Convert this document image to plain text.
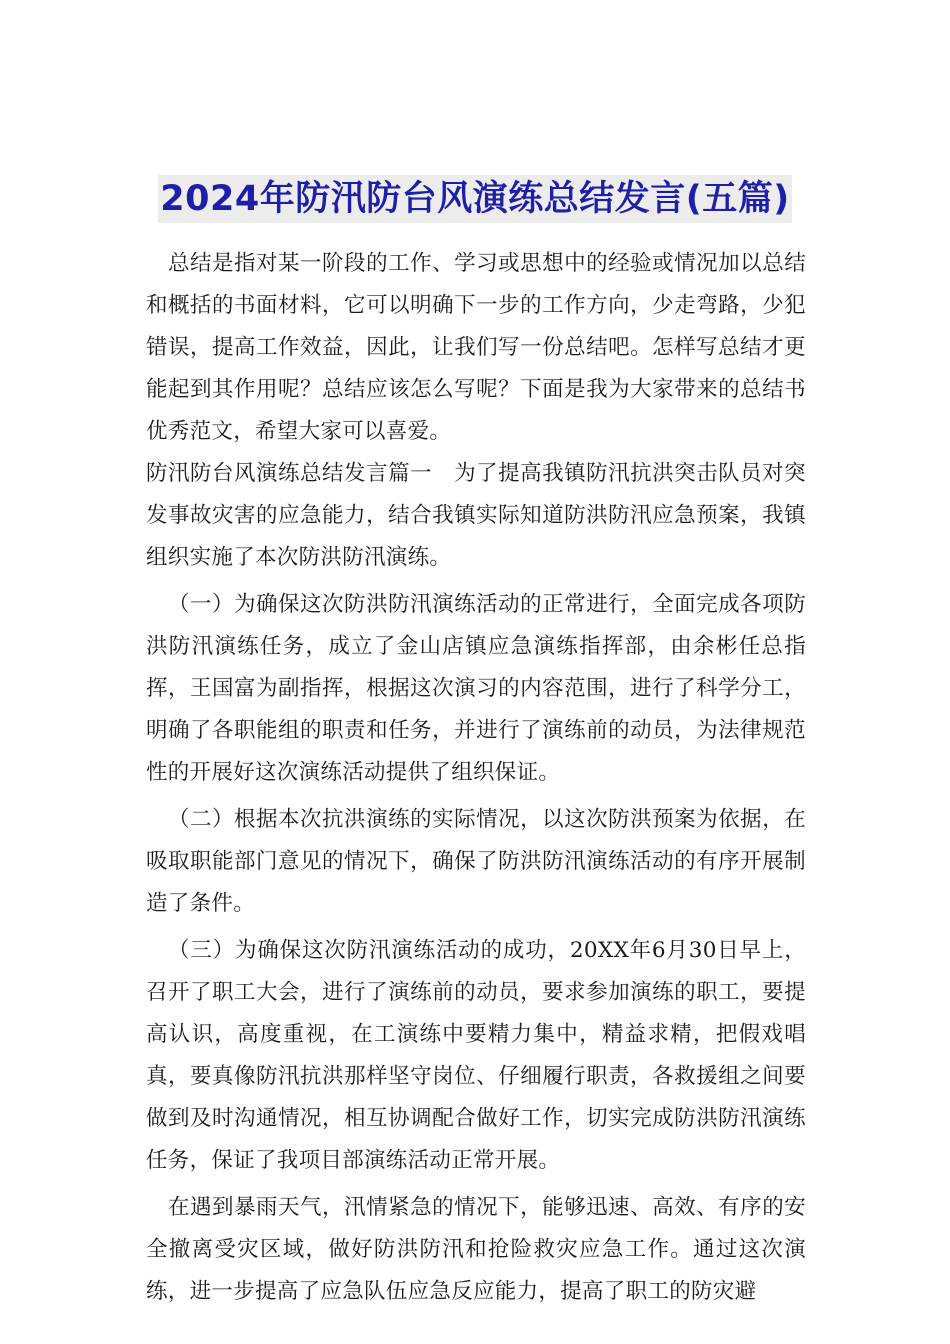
2024年防汛防台风演练总结发言(五篇)

总结是指对某一阶段的工作、学习或思想中的经验或情况加以总结和概括的书面材料，它可以明确下一步的工作方向，少走弯路，少犯错误，提高工作效益，因此，让我们写一份总结吧。怎样写总结才更能起到其作用呢？总结应该怎么写呢？下面是我为大家带来的总结书优秀范文，希望大家可以喜爱。

防汛防台风演练总结发言篇一　为了提高我镇防汛抗洪突击队员对突发事故灾害的应急能力，结合我镇实际知道防洪防汛应急预案，我镇组织实施了本次防洪防汛演练。

（一）为确保这次防洪防汛演练活动的正常进行，全面完成各项防洪防汛演练任务，成立了金山店镇应急演练指挥部，由余彬任总指挥，王国富为副指挥，根据这次演习的内容范围，进行了科学分工，明确了各职能组的职责和任务，并进行了演练前的动员，为法律规范性的开展好这次演练活动提供了组织保证。

（二）根据本次抗洪演练的实际情况，以这次防洪预案为依据，在吸取职能部门意见的情况下，确保了防洪防汛演练活动的有序开展制造了条件。

（三）为确保这次防汛演练活动的成功，20XX年6月30日早上，召开了职工大会，进行了演练前的动员，要求参加演练的职工，要提高认识，高度重视，在工演练中要精力集中，精益求精，把假戏唱真，要真像防汛抗洪那样坚守岗位、仔细履行职责，各救援组之间要做到及时沟通情况，相互协调配合做好工作，切实完成防洪防汛演练任务，保证了我项目部演练活动正常开展。

在遇到暴雨天气，汛情紧急的情况下，能够迅速、高效、有序的安全撤离受灾区域，做好防洪防汛和抢险救灾应急工作。通过这次演练，进一步提高了应急队伍应急反应能力，提高了职工的防灾避
